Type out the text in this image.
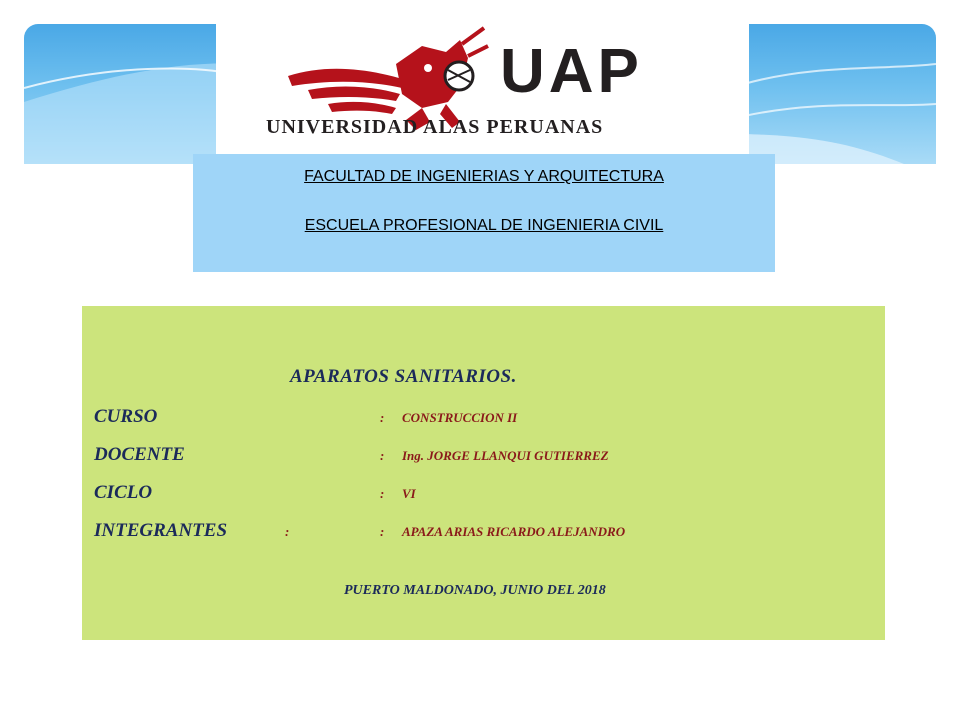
UAP
UNIVERSIDAD ALAS PERUANAS
FACULTAD DE INGENIERIAS Y ARQUITECTURA
ESCUELA PROFESIONAL DE INGENIERIA CIVIL
APARATOS SANITARIOS.
CURSO	: CONSTRUCCION II
DOCENTE	: Ing. JORGE LLANQUI GUTIERREZ
CICLO	: VI
INTEGRANTES	:	: APAZA ARIAS RICARDO ALEJANDRO
PUERTO MALDONADO, JUNIO DEL 2018
